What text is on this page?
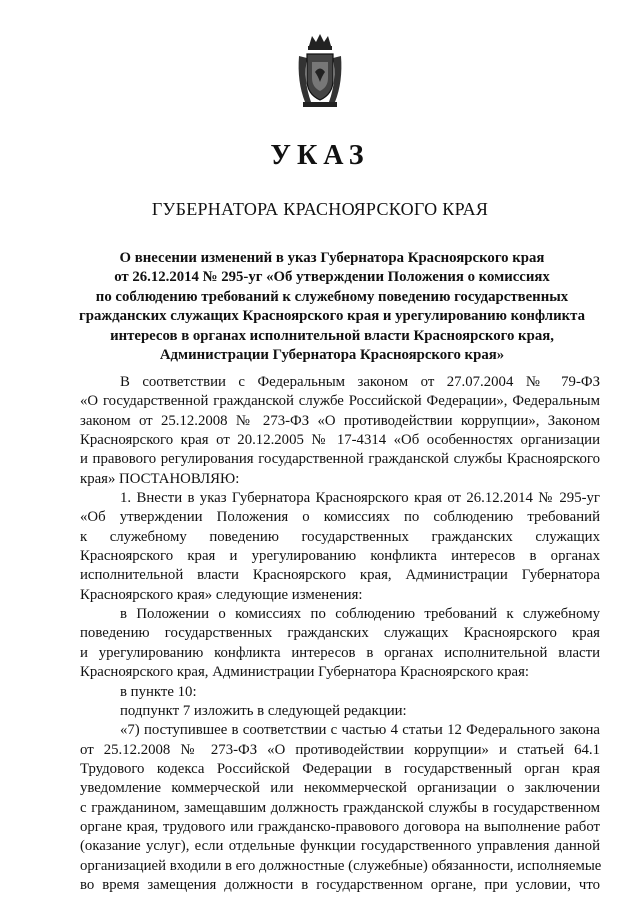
УКАЗ
ГУБЕРНАТОРА КРАСНОЯРСКОГО КРАЯ
О внесении изменений в указ Губернатора Красноярского края
от 26.12.2014 № 295-уг «Об утверждении Положения о комиссиях
по соблюдению требований к служебному поведению государственных
гражданских служащих Красноярского края и урегулированию конфликта
интересов в органах исполнительной власти Красноярского края,
Администрации Губернатора Красноярского края»
В соответствии с Федеральным законом от 27.07.2004 № 79-ФЗ
«О государственной гражданской службе Российской Федерации», Федеральным
законом от 25.12.2008 № 273-ФЗ «О противодействии коррупции», Законом
Красноярского края от 20.12.2005 № 17-4314 «Об особенностях организации
и правового регулирования государственной гражданской службы Красноярского
края» ПОСТАНОВЛЯЮ:
1. Внести в указ Губернатора Красноярского края от 26.12.2014 № 295-уг
«Об утверждении Положения о комиссиях по соблюдению требований
к служебному поведению государственных гражданских служащих
Красноярского края и урегулированию конфликта интересов в органах
исполнительной власти Красноярского края, Администрации Губернатора
Красноярского края» следующие изменения:
в Положении о комиссиях по соблюдению требований к служебному
поведению государственных гражданских служащих Красноярского края
и урегулированию конфликта интересов в органах исполнительной власти
Красноярского края, Администрации Губернатора Красноярского края:
в пункте 10:
подпункт 7 изложить в следующей редакции:
«7) поступившее в соответствии с частью 4 статьи 12 Федерального закона
от 25.12.2008 № 273-ФЗ «О противодействии коррупции» и статьей 64.1
Трудового кодекса Российской Федерации в государственный орган края
уведомление коммерческой или некоммерческой организации о заключении
с гражданином, замещавшим должность гражданской службы в государственном
органе края, трудового или гражданско-правового договора на выполнение работ
(оказание услуг), если отдельные функции государственного управления данной
организацией входили в его должностные (служебные) обязанности, исполняемые
во время замещения должности в государственном органе, при условии, что
